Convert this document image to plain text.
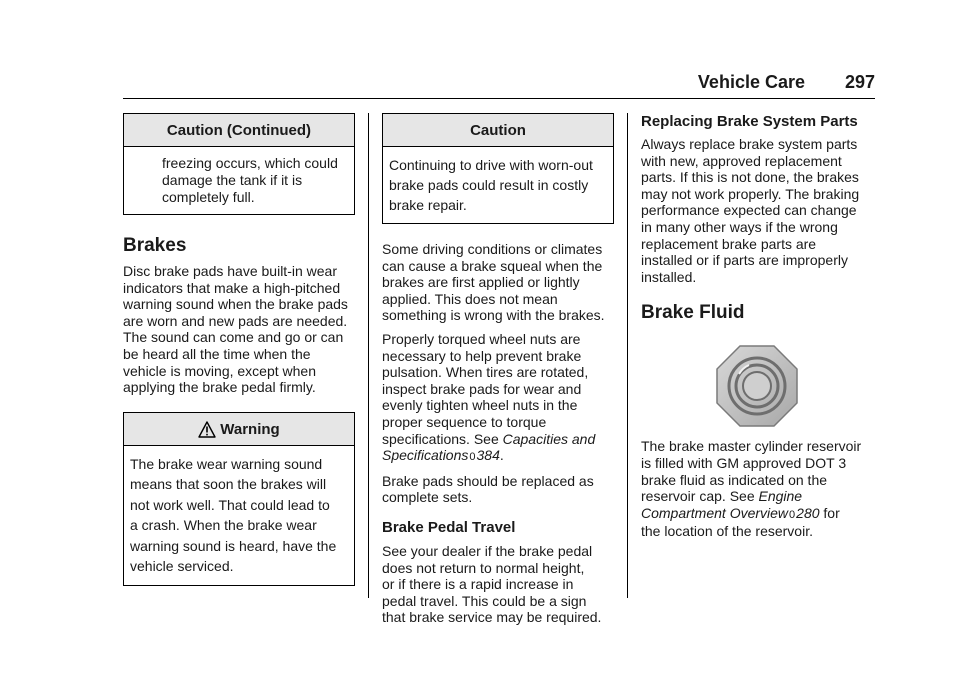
Vehicle Care 297
Caution (Continued)
freezing occurs, which could
damage the tank if it is
completely full.
Brakes

Disc brake pads have built-in wear
indicators that make a high-pitched
warning sound when the brake pads
are worn and new pads are needed.
The sound can come and go or can
be heard all the time when the
vehicle is moving, except when
applying the brake pedal firmly.

Warning
The brake wear warning sound
means that soon the brakes will
not work well. That could lead to
a crash. When the brake wear
warning sound is heard, have the
vehicle serviced.
Caution
Continuing to drive with worn-out
brake pads could result in costly
brake repair.

Some driving conditions or climates
can cause a brake squeal when the
brakes are first applied or lightly
applied. This does not mean
something is wrong with the brakes.

Properly torqued wheel nuts are
necessary to help prevent brake
pulsation. When tires are rotated,
inspect brake pads for wear and
evenly tighten wheel nuts in the
proper sequence to torque
specifications. See Capacities and
Specifications0384.

Brake pads should be replaced as
complete sets.

Brake Pedal Travel

See your dealer if the brake pedal
does not return to normal height,
or if there is a rapid increase in
pedal travel. This could be a sign
that brake service may be required.

Replacing Brake System Parts

Always replace brake system parts
with new, approved replacement
parts. If this is not done, the brakes
may not work properly. The braking
performance expected can change
in many other ways if the wrong
replacement brake parts are
installed or if parts are improperly
installed.

Brake Fluid

The brake master cylinder reservoir
is filled with GM approved DOT 3
brake fluid as indicated on the
reservoir cap. See Engine
Compartment Overview0280 for
the location of the reservoir.
